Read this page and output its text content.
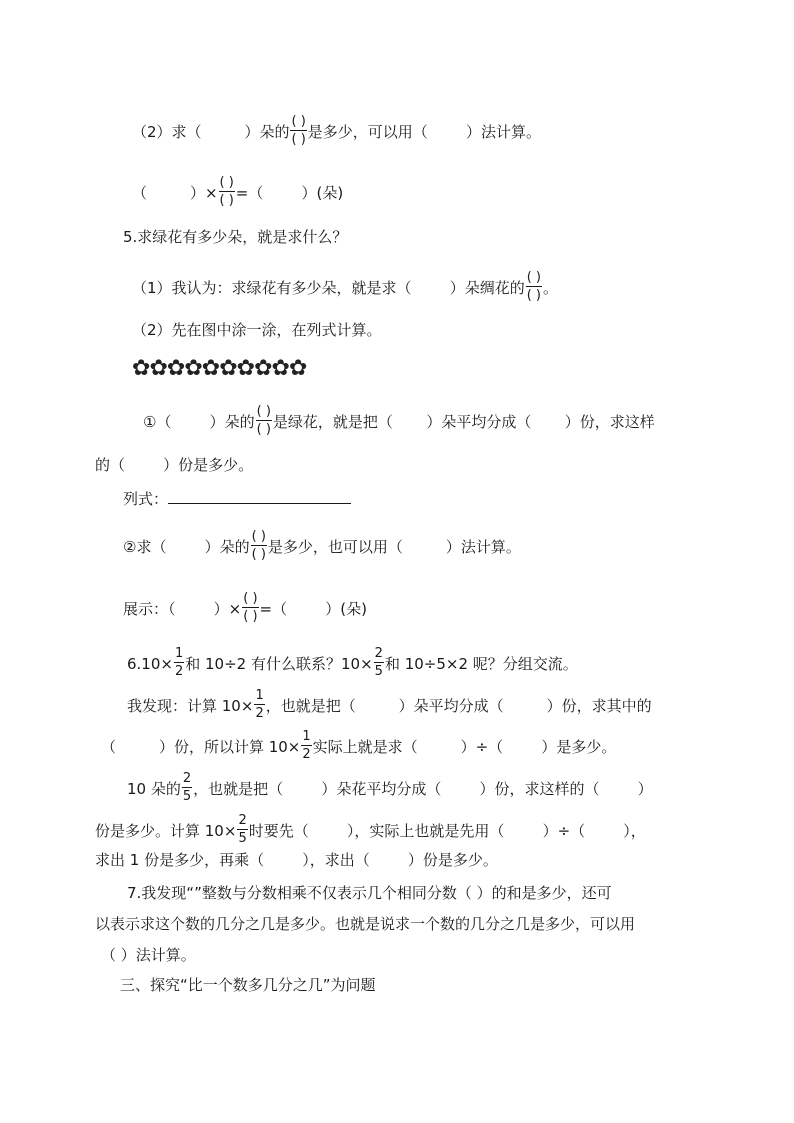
（2）求（	）朵的
( )
( ) 是多少，可以用（	）法计算。
（	）×
( )
( ) =（	）(朵)
5.求绿花有多少朵，就是求什么？
（1）我认为：求绿花有多少朵，就是求（	）朵绸花的
( )
( ) 。
（2）先在图中涂一涂，在列式计算。
✿✿✿✿✿✿✿✿✿✿
①（	）朵的
( )
( ) 是绿花，就是把（ ）朵平均分成（ ）份，求这样
的（	）份是多少。
列式：
②求（	）朵的
( )
( ) 是多少，也可以用（	）法计算。
展示：（	）×
( )
( ) =（	）(朵)
$6.10\times \frac{1}{2}$ 和 10÷2 有什么联系？$10\times \frac{2}{5}$ 和 10÷5×2 呢？分组交流。
我发现：计算 $10\times \frac{1}{2}$ ，也就是把（	）朵平均分成（	）份，求其中的
（	）份，所以计算 $10\times \frac{1}{2}$ 实际上就是求（	）÷（	）是多少。
10 朵的 $\frac{2}{5}$ ，也就是把（	）朵花平均分成（	）份，求这样的（	）
份是多少。计算 $10\times \frac{2}{5}$ 时要先（	），实际上也就是先用（	）÷（	），
求出 1 份是多少，再乘（	），求出（	）份是多少。
7.我发现“”整数与分数相乘不仅表示几个相同分数（ ）的和是多少，还可
以表示求这个数的几分之几是多少。也就是说求一个数的几分之几是多少，可以用
（ ）法计算。
三、探究“比一个数多几分之几”为问题
